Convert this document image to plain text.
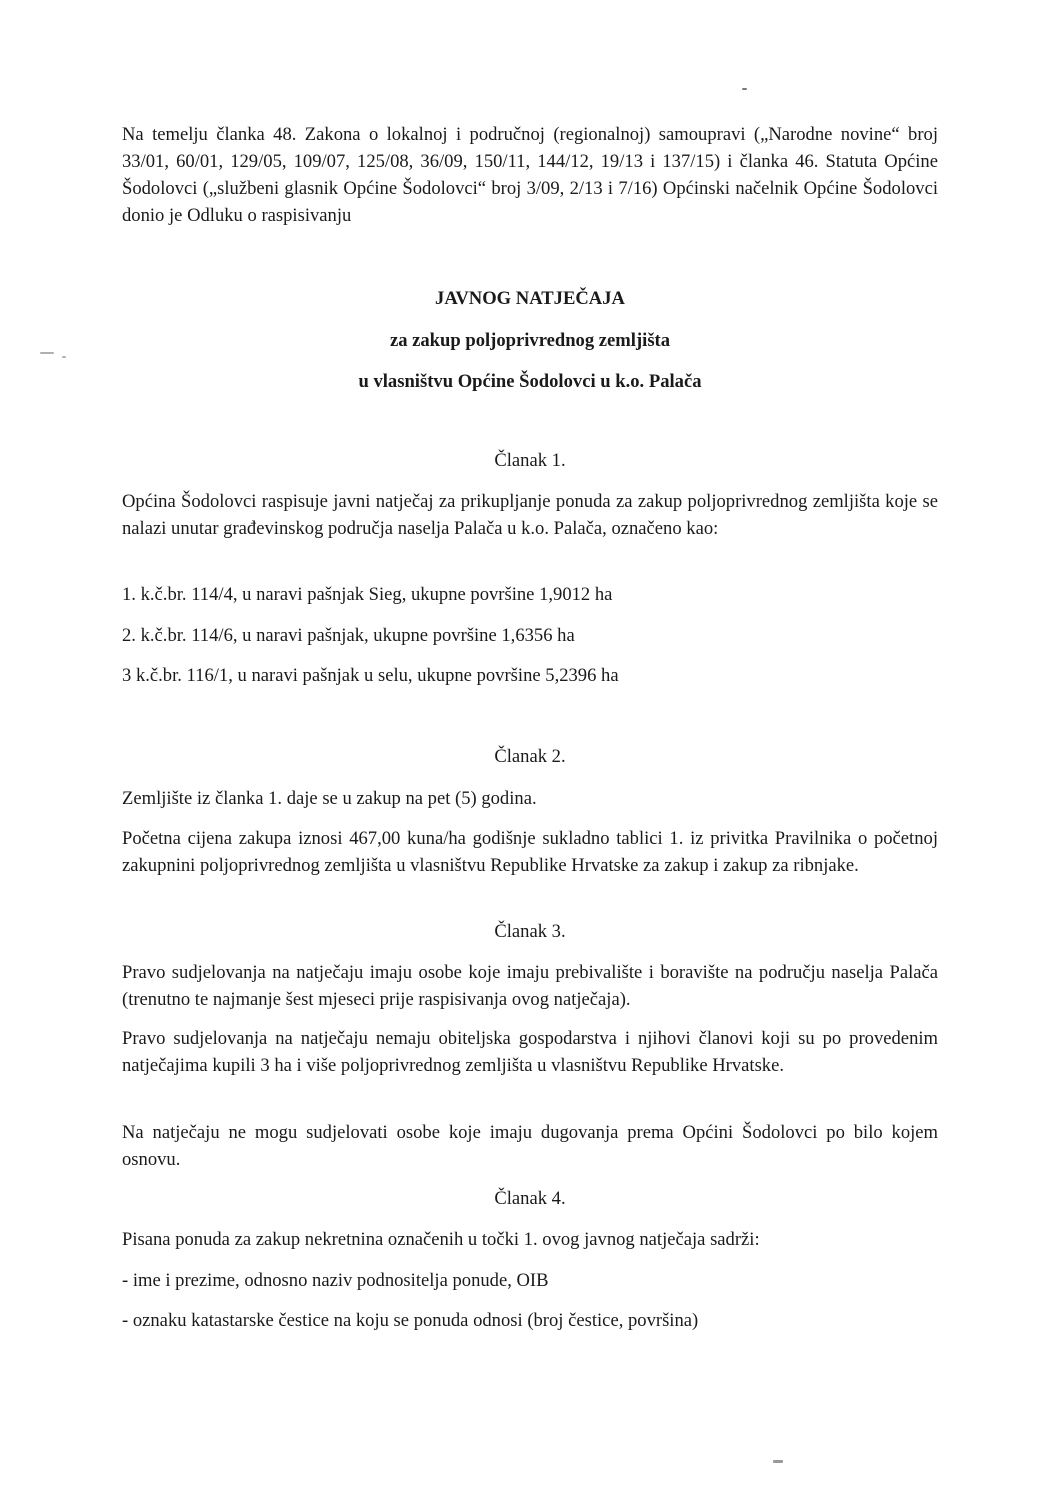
Na temelju članka 48. Zakona o lokalnoj i područnoj (regionalnoj) samoupravi („Narodne novine“ broj 33/01, 60/01, 129/05, 109/07, 125/08, 36/09, 150/11, 144/12, 19/13 i 137/15) i članka 46. Statuta Općine Šodolovci („službeni glasnik Općine Šodolovci“ broj 3/09, 2/13 i 7/16) Općinski načelnik Općine Šodolovci donio je Odluku o raspisivanju

JAVNOG NATJEČAJA

za zakup poljoprivrednog zemljišta

u vlasništvu Općine Šodolovci u k.o. Palača

Članak 1.

Općina Šodolovci raspisuje javni natječaj za prikupljanje ponuda za zakup poljoprivrednog zemljišta koje se nalazi unutar građevinskog područja naselja Palača u k.o. Palača, označeno kao:

1. k.č.br. 114/4, u naravi pašnjak Sieg, ukupne površine 1,9012 ha

2. k.č.br. 114/6, u naravi pašnjak, ukupne površine 1,6356 ha

3 k.č.br. 116/1, u naravi pašnjak u selu, ukupne površine 5,2396 ha

Članak 2.

Zemljište iz članka 1. daje se u zakup na pet (5) godina.

Početna cijena zakupa iznosi 467,00 kuna/ha godišnje sukladno tablici 1. iz privitka Pravilnika o početnoj zakupnini poljoprivrednog zemljišta u vlasništvu Republike Hrvatske za zakup i zakup za ribnjake.

Članak 3.

Pravo sudjelovanja na natječaju imaju osobe koje imaju prebivalište i boravište na području naselja Palača (trenutno te najmanje šest mjeseci prije raspisivanja ovog natječaja).

Pravo sudjelovanja na natječaju nemaju obiteljska gospodarstva i njihovi članovi koji su po provedenim natječajima kupili 3 ha i više poljoprivrednog zemljišta u vlasništvu Republike Hrvatske.

Na natječaju ne mogu sudjelovati osobe koje imaju dugovanja prema Općini Šodolovci po bilo kojem osnovu.

Članak 4.

Pisana ponuda za zakup nekretnina označenih u točki 1. ovog javnog natječaja sadrži:

- ime i prezime, odnosno naziv podnositelja ponude, OIB

- oznaku katastarske čestice na koju se ponuda odnosi (broj čestice, površina)
